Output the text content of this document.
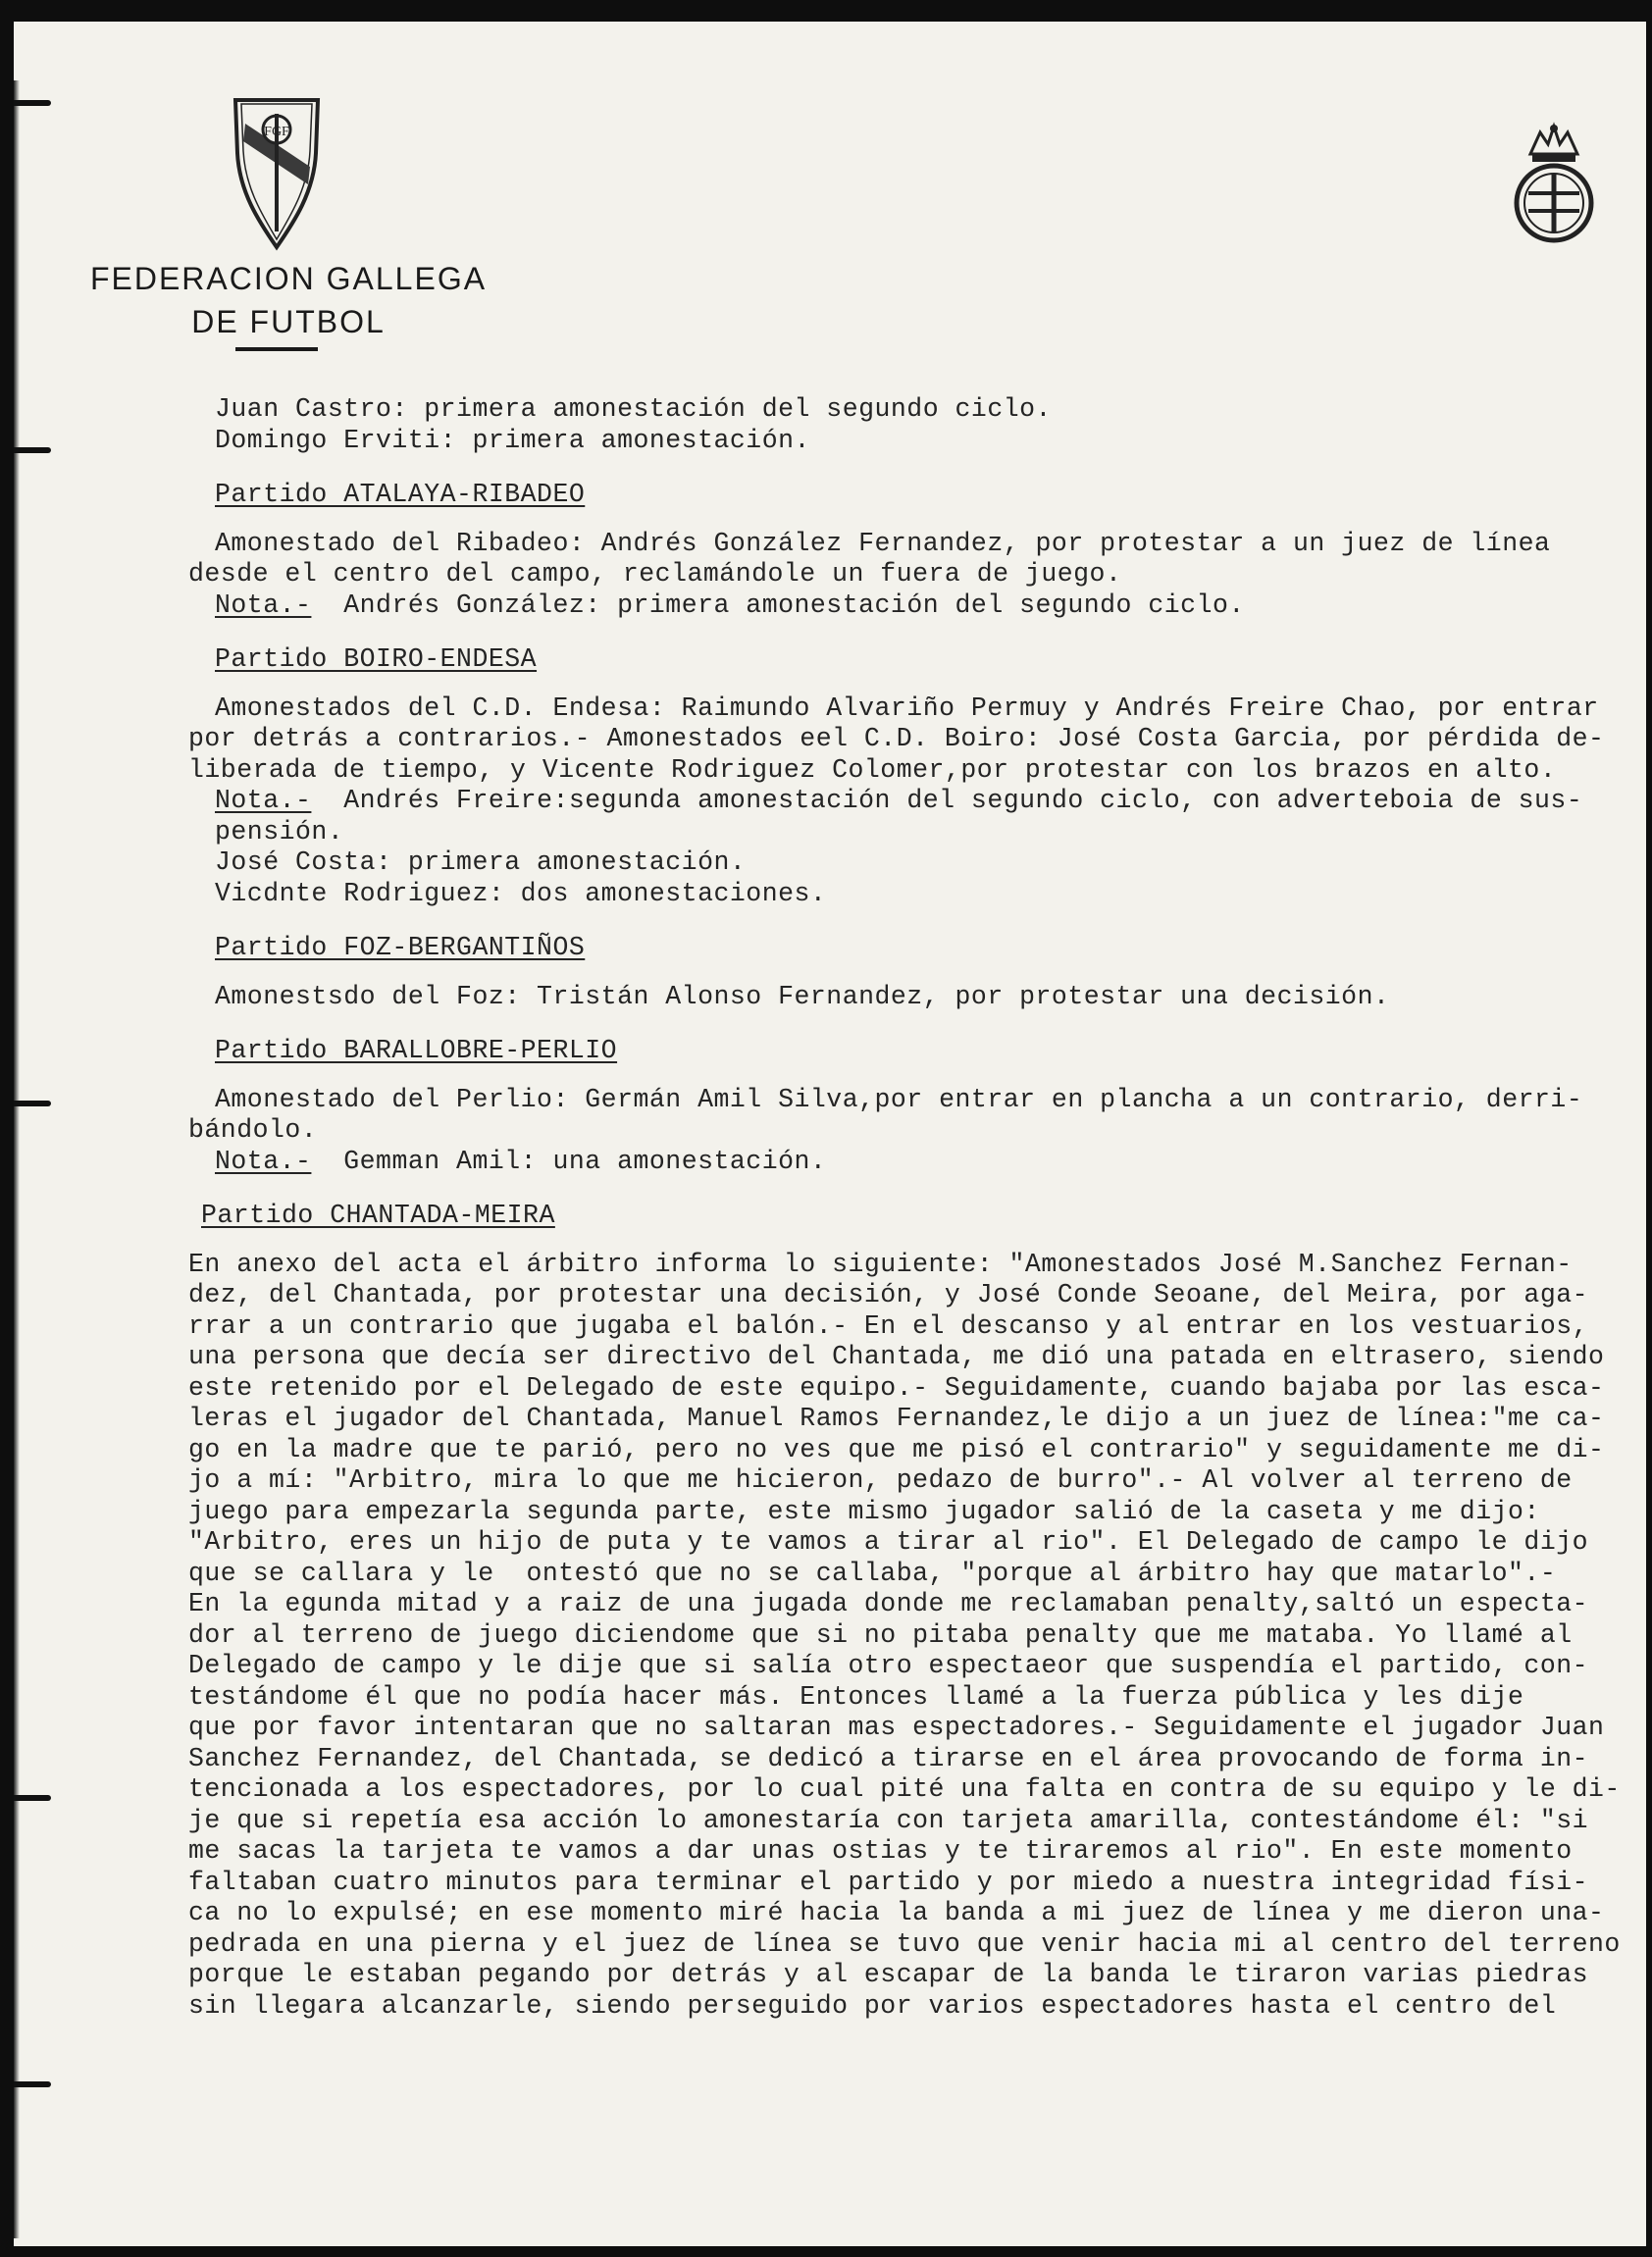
FGF
RFEF
FEDERACION GALLEGA
DE FUTBOL
Juan Castro: primera amonestación del segundo ciclo.
Domingo Erviti: primera amonestación.
Partido ATALAYA-RIBADEO
Amonestado del Ribadeo: Andrés González Fernandez, por protestar a un juez de línea
desde el centro del campo, reclamándole un fuera de juego.
Nota.- Andrés González: primera amonestación del segundo ciclo.
Partido BOIRO-ENDESA
Amonestados del C.D. Endesa: Raimundo Alvariño Permuy y Andrés Freire Chao, por entrar
por detrás a contrarios.- Amonestados eel C.D. Boiro: José Costa Garcia, por pérdida de-
liberada de tiempo, y Vicente Rodriguez Colomer,por protestar con los brazos en alto.
Nota.- Andrés Freire:segunda amonestación del segundo ciclo, con adverteboia de sus-
pensión.
José Costa: primera amonestación.
Vicdnte Rodriguez: dos amonestaciones.
Partido FOZ-BERGANTIÑOS
Amonestsdo del Foz: Tristán Alonso Fernandez, por protestar una decisión.
Partido BARALLOBRE-PERLIO
Amonestado del Perlio: Germán Amil Silva,por entrar en plancha a un contrario, derri-
bándolo.
Nota.- Gemman Amil: una amonestación.
Partido CHANTADA-MEIRA
En anexo del acta el árbitro informa lo siguiente: "Amonestados José M.Sanchez Fernan-
dez, del Chantada, por protestar una decisión, y José Conde Seoane, del Meira, por aga-
rrar a un contrario que jugaba el balón.- En el descanso y al entrar en los vestuarios,
una persona que decía ser directivo del Chantada, me dió una patada en eltrasero, siendo
este retenido por el Delegado de este equipo.- Seguidamente, cuando bajaba por las esca-
leras el jugador del Chantada, Manuel Ramos Fernandez,le dijo a un juez de línea:"me ca-
go en la madre que te parió, pero no ves que me pisó el contrario" y seguidamente me di-
jo a mí: "Arbitro, mira lo que me hicieron, pedazo de burro".- Al volver al terreno de
juego para empezarla segunda parte, este mismo jugador salió de la caseta y me dijo:
"Arbitro, eres un hijo de puta y te vamos a tirar al rio". El Delegado de campo le dijo
que se callara y le  ontestó que no se callaba, "porque al árbitro hay que matarlo".-
En la egunda mitad y a raiz de una jugada donde me reclamaban penalty,saltó un especta-
dor al terreno de juego diciendome que si no pitaba penalty que me mataba. Yo llamé al
Delegado de campo y le dije que si salía otro espectaeor que suspendía el partido, con-
testándome él que no podía hacer más. Entonces llamé a la fuerza pública y les dije
que por favor intentaran que no saltaran mas espectadores.- Seguidamente el jugador Juan
Sanchez Fernandez, del Chantada, se dedicó a tirarse en el área provocando de forma in-
tencionada a los espectadores, por lo cual pité una falta en contra de su equipo y le di-
je que si repetía esa acción lo amonestaría con tarjeta amarilla, contestándome él: "si
me sacas la tarjeta te vamos a dar unas ostias y te tiraremos al rio". En este momento
faltaban cuatro minutos para terminar el partido y por miedo a nuestra integridad físi-
ca no lo expulsé; en ese momento miré hacia la banda a mi juez de línea y me dieron una-
pedrada en una pierna y el juez de línea se tuvo que venir hacia mi al centro del terreno
porque le estaban pegando por detrás y al escapar de la banda le tiraron varias piedras
sin llegara alcanzarle, siendo perseguido por varios espectadores hasta el centro del
